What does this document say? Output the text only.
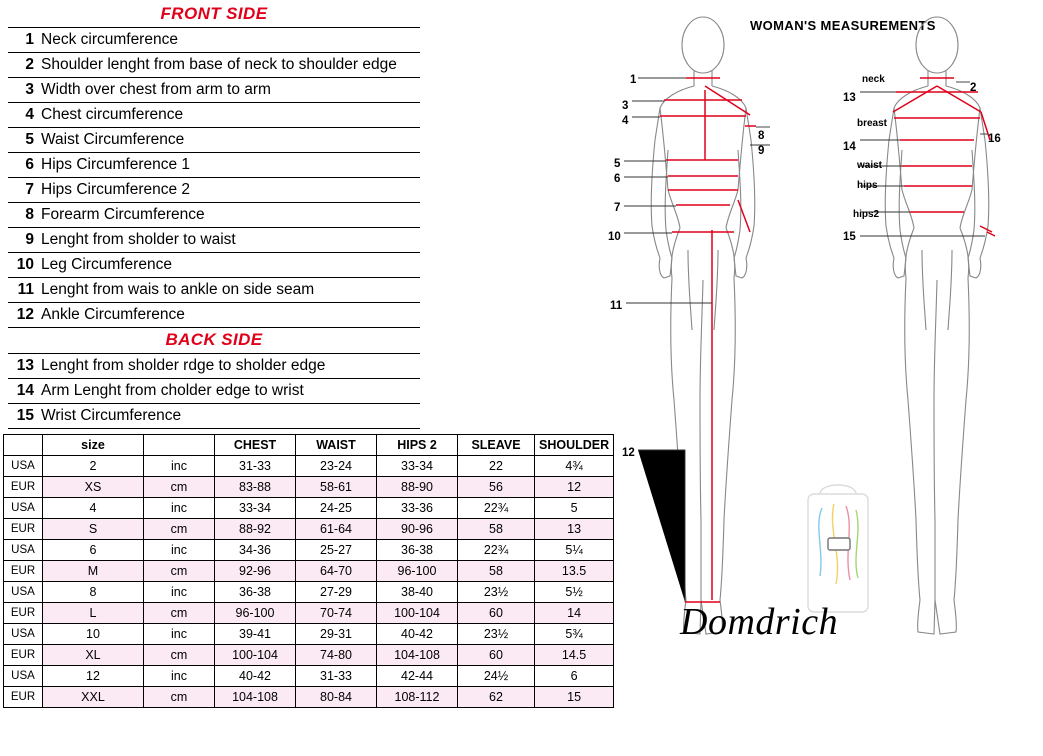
FRONT SIDE
1 Neck circumference
2 Shoulder lenght from base of neck to shoulder edge
3 Width over chest from arm to arm
4 Chest circumference
5 Waist Circumference
6 Hips Circumference 1
7 Hips Circumference 2
8 Forearm Circumference
9 Lenght from sholder to waist
10 Leg Circumference
11 Lenght from wais to ankle on side seam
12 Ankle Circumference
BACK SIDE
13 Lenght from sholder rdge to sholder edge
14 Arm Lenght from cholder edge to wrist
15 Wrist Circumference
	size		CHEST	WAIST	HIPS 2	SLEAVE	SHOULDER
USA	2	inc	31-33	23-24	33-34	22	4¾
EUR	XS	cm	83-88	58-61	88-90	56	12
USA	4	inc	33-34	24-25	33-36	22¾	5
EUR	S	cm	88-92	61-64	90-96	58	13
USA	6	inc	34-36	25-27	36-38	22¾	5¼
EUR	M	cm	92-96	64-70	96-100	58	13.5
USA	8	inc	36-38	27-29	38-40	23½	5½
EUR	L	cm	96-100	70-74	100-104	60	14
USA	10	inc	39-41	29-31	40-42	23½	5¾
EUR	XL	cm	100-104	74-80	104-108	60	14.5
USA	12	inc	40-42	31-33	42-44	24½	6
EUR	XXL	cm	104-108	80-84	108-112	62	15
WOMAN'S MEASUREMENTS
1
3
4
5
6
7
10
11
12
8
9
2
16
13
14
15
neck
breast
waist
hips
hips2
Domdrich
